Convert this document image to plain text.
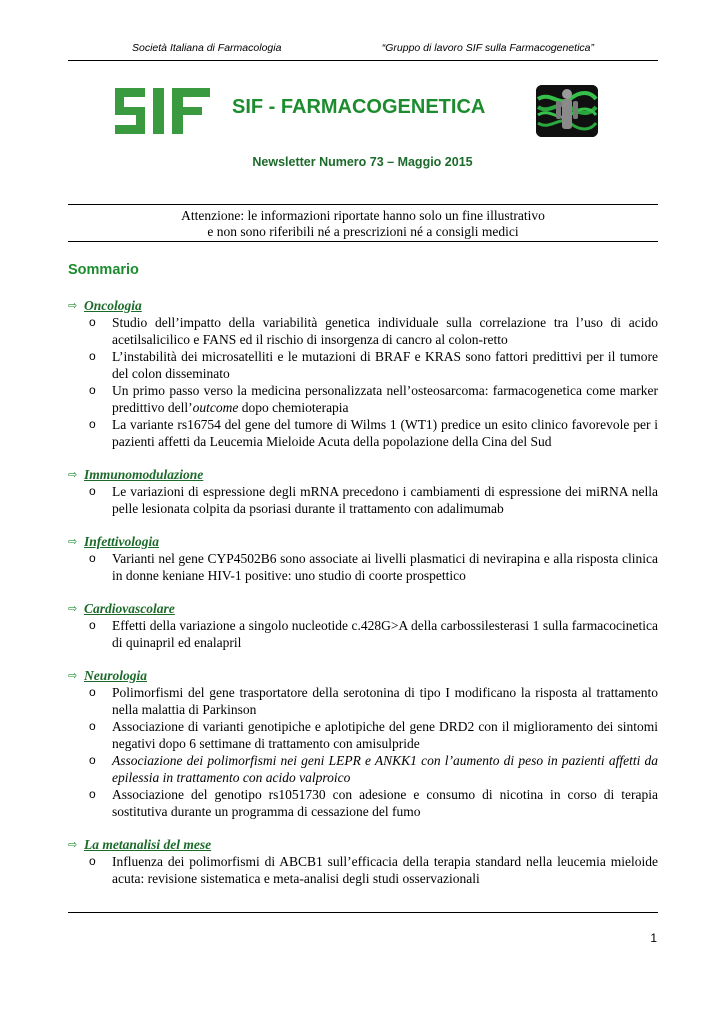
Società Italiana di Farmacologia	“Gruppo di lavoro SIF sulla Farmacogenetica”
SIF - FARMACOGENETICA
Newsletter Numero 73 – Maggio 2015
Attenzione: le informazioni riportate hanno solo un fine illustrativo
e non sono riferibili né a prescrizioni né a consigli medici
Sommario
⇨ Oncologia
o Studio dell’impatto della variabilità genetica individuale sulla correlazione tra l’uso di acido acetilsalicilico e FANS ed il rischio di insorgenza di cancro al colon-retto
o L’instabilità dei microsatelliti e le mutazioni di BRAF e KRAS sono fattori predittivi per il tumore del colon disseminato
o Un primo passo verso la medicina personalizzata nell’osteosarcoma: farmacogenetica come marker predittivo dell’outcome dopo chemioterapia
o La variante rs16754 del gene del tumore di Wilms 1 (WT1) predice un esito clinico favorevole per i pazienti affetti da Leucemia Mieloide Acuta della popolazione della Cina del Sud
⇨ Immunomodulazione
o Le variazioni di espressione degli mRNA precedono i cambiamenti di espressione dei miRNA nella pelle lesionata colpita da psoriasi durante il trattamento con adalimumab
⇨ Infettivologia
o Varianti nel gene CYP4502B6 sono associate ai livelli plasmatici di nevirapina e alla risposta clinica in donne keniane HIV-1 positive: uno studio di coorte prospettico
⇨ Cardiovascolare
o Effetti della variazione a singolo nucleotide c.428G>A della carbossilesterasi 1 sulla farmacocinetica di quinapril ed enalapril
⇨ Neurologia
o Polimorfismi del gene trasportatore della serotonina di tipo I modificano la risposta al trattamento nella malattia di Parkinson
o Associazione di varianti genotipiche e aplotipiche del gene DRD2 con il miglioramento dei sintomi negativi dopo 6 settimane di trattamento con amisulpride
o Associazione dei polimorfismi nei geni LEPR e ANKK1 con l’aumento di peso in pazienti affetti da epilessia in trattamento con acido valproico
o Associazione del genotipo rs1051730 con adesione e consumo di nicotina in corso di terapia sostitutiva durante un programma di cessazione del fumo
⇨ La metanalisi del mese
o Influenza dei polimorfismi di ABCB1 sull’efficacia della terapia standard nella leucemia mieloide acuta: revisione sistematica e meta-analisi degli studi osservazionali
1
